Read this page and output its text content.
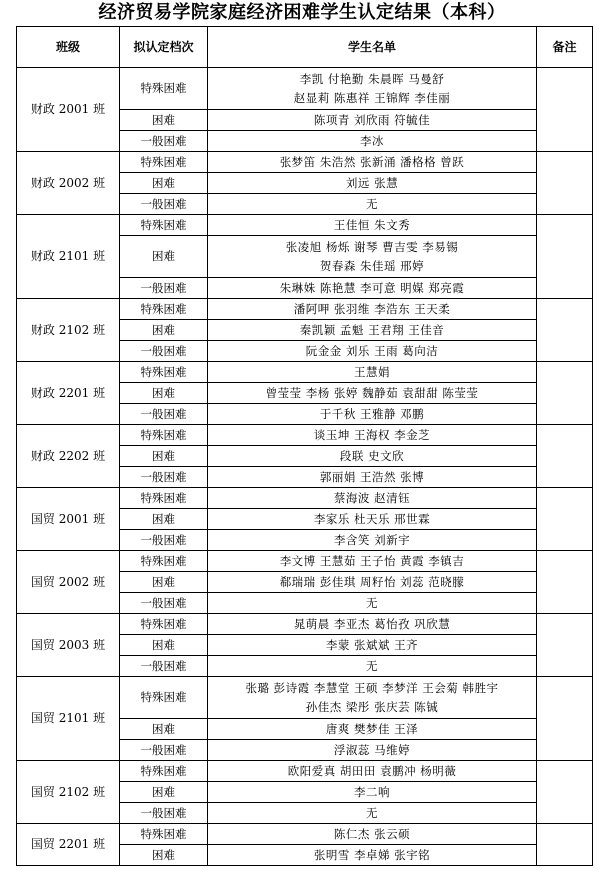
经济贸易学院家庭经济困难学生认定结果（本科）
班级	拟认定档次	学生名单	备注
财政 2001 班	特殊困难	李凯 付艳勤 朱晨晖 马曼舒
赵显莉 陈惠祥 王锦辉 李佳丽	

	困难	陈项青 刘欣雨 符毓佳	

	一般困难	李冰	

财政 2002 班	特殊困难	张梦笛 朱浩然 张新涌 潘格格 曾跃	

	困难	刘远 张慧	

	一般困难	无	

财政 2101 班	特殊困难	王佳恒 朱文秀	

	困难	张凌旭 杨烁 谢琴 曹吉雯 李易锡
贺春森 朱佳瑶 邢婷	

	一般困难	朱琳姝 陈艳慧 李可意 明媒 郑亮霞	

财政 2102 班	特殊困难	潘阿呷 张羽维 李浩东 王天柔	

	困难	秦凯颖 孟魁 王君翔 王佳音	

	一般困难	阮金金 刘乐 王雨 葛向洁	

财政 2201 班	特殊困难	王慧娟	

	困难	曾莹莹 李杨 张婷 魏静茹 袁甜甜 陈莹莹	

	一般困难	于千秋 王雅静 邓鹏	

财政 2202 班	特殊困难	谈玉坤 王海权 李金芝	

	困难	段联 史文欣	

	一般困难	郭丽娟 王浩然 张博	

国贸 2001 班	特殊困难	蔡海波 赵清钰	

	困难	李家乐 杜天乐 邢世霖	

	一般困难	李含笑 刘新宇	

国贸 2002 班	特殊困难	李文博 王慧茹 王子怡 黄霞 李镇吉	

	困难	郗瑞瑞 彭佳琪 周籽怡 刘蕊 范晓朦	

	一般困难	无	

国贸 2003 班	特殊困难	晁萌晨 李亚杰 葛怡孜 巩欣慧	

	困难	李蒙 张斌斌 王齐	

	一般困难	无	

国贸 2101 班	特殊困难	张璐 彭诗霞 李慧堂 王硕 李梦洋 王会菊 韩胜宇
孙佳杰 梁彤 张庆芸 陈铖	

	困难	唐爽 樊梦佳 王泽	

	一般困难	浮淑蕊 马维婷	

国贸 2102 班	特殊困难	欧阳爱真 胡田田 袁鹏冲 杨明薇	

	困难	李二响	

	一般困难	无	

国贸 2201 班	特殊困难	陈仁杰 张云硕	

	困难	张明雪 李卓娣 张宇铭	
